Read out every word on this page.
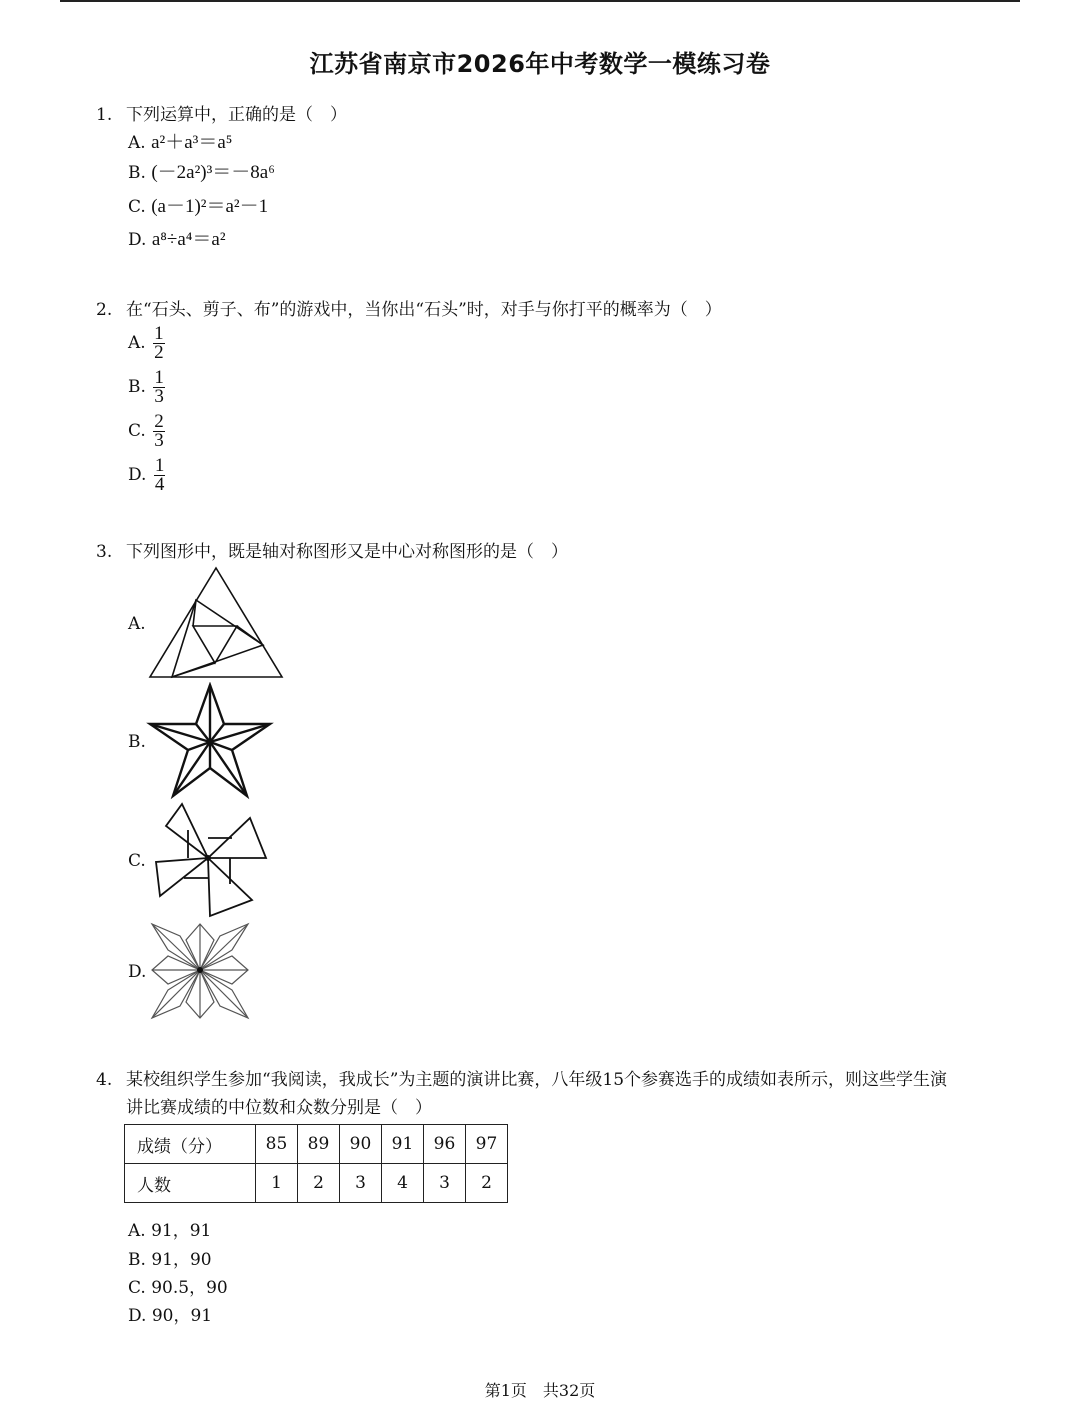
江苏省南京市2026年中考数学一模练习卷
1. 下列运算中，正确的是（　）
A. a²＋a³＝a⁵
B. (－2a²)³＝－8a⁶
C. (a－1)²＝a²－1
D. a⁸÷a⁴＝a²
2. 在“石头、剪子、布”的游戏中，当你出“石头”时，对手与你打平的概率为（　）
A. $\frac{1}{2}$
B. $\frac{1}{3}$
C. $\frac{2}{3}$
D. $\frac{1}{4}$
3. 下列图形中，既是轴对称图形又是中心对称图形的是（　）
A.
B.
C.
D.
4. 某校组织学生参加“我阅读，我成长”为主题的演讲比赛，八年级15个参赛选手的成绩如表所示，则这些学生演
讲比赛成绩的中位数和众数分别是（　）
成绩（分）	85	89	90	91	96	97
人数	1	2	3	4	3	2
A. 91，91
B. 91，90
C. 90.5，90
D. 90，91
第1页　共32页
